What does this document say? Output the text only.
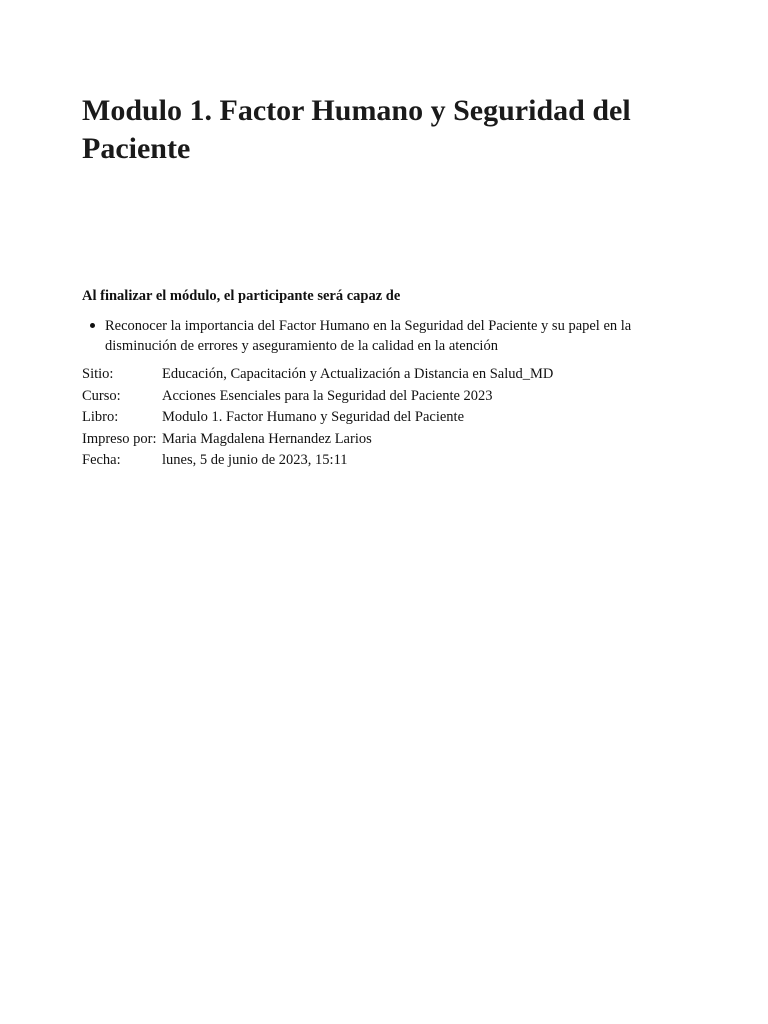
Modulo 1. Factor Humano y Seguridad del Paciente

Al finalizar el módulo, el participante será capaz de

Reconocer la importancia del Factor Humano en la Seguridad del Paciente y su papel en la disminución de errores y aseguramiento de la calidad en la atención
Sitio:	Educación, Capacitación y Actualización a Distancia en Salud_MD
Curso:	Acciones Esenciales para la Seguridad del Paciente 2023
Libro:	Modulo 1. Factor Humano y Seguridad del Paciente
Impreso por:	Maria Magdalena Hernandez Larios
Fecha:	lunes, 5 de junio de 2023, 15:11
